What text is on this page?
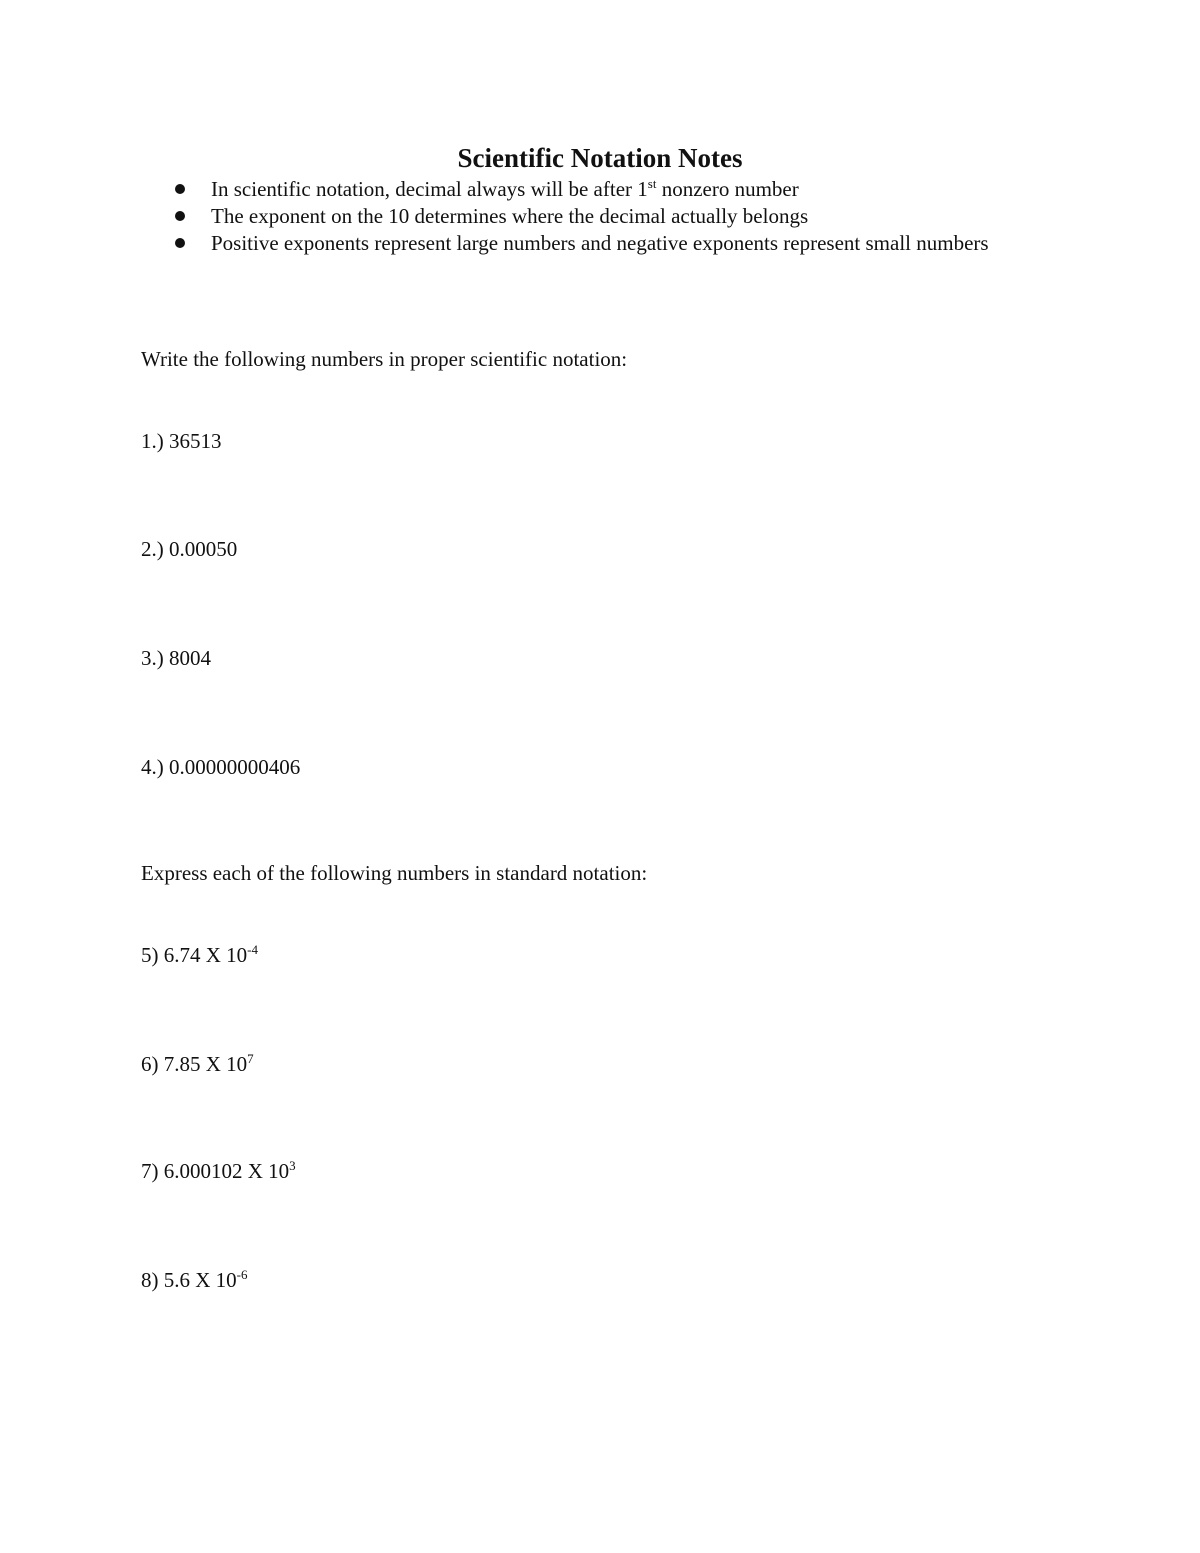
Scientific Notation Notes
In scientific notation, decimal always will be after 1st nonzero number
The exponent on the 10 determines where the decimal actually belongs
Positive exponents represent large numbers and negative exponents represent small numbers

Write the following numbers in proper scientific notation:

1.) 36513

2.) 0.00050

3.) 8004

4.) 0.00000000406

Express each of the following numbers in standard notation:

5) 6.74 X $10^{-4}$

6) 7.85 X $10^7$

7) 6.000102 X $10^3$

8) 5.6 X $10^{-6}$
